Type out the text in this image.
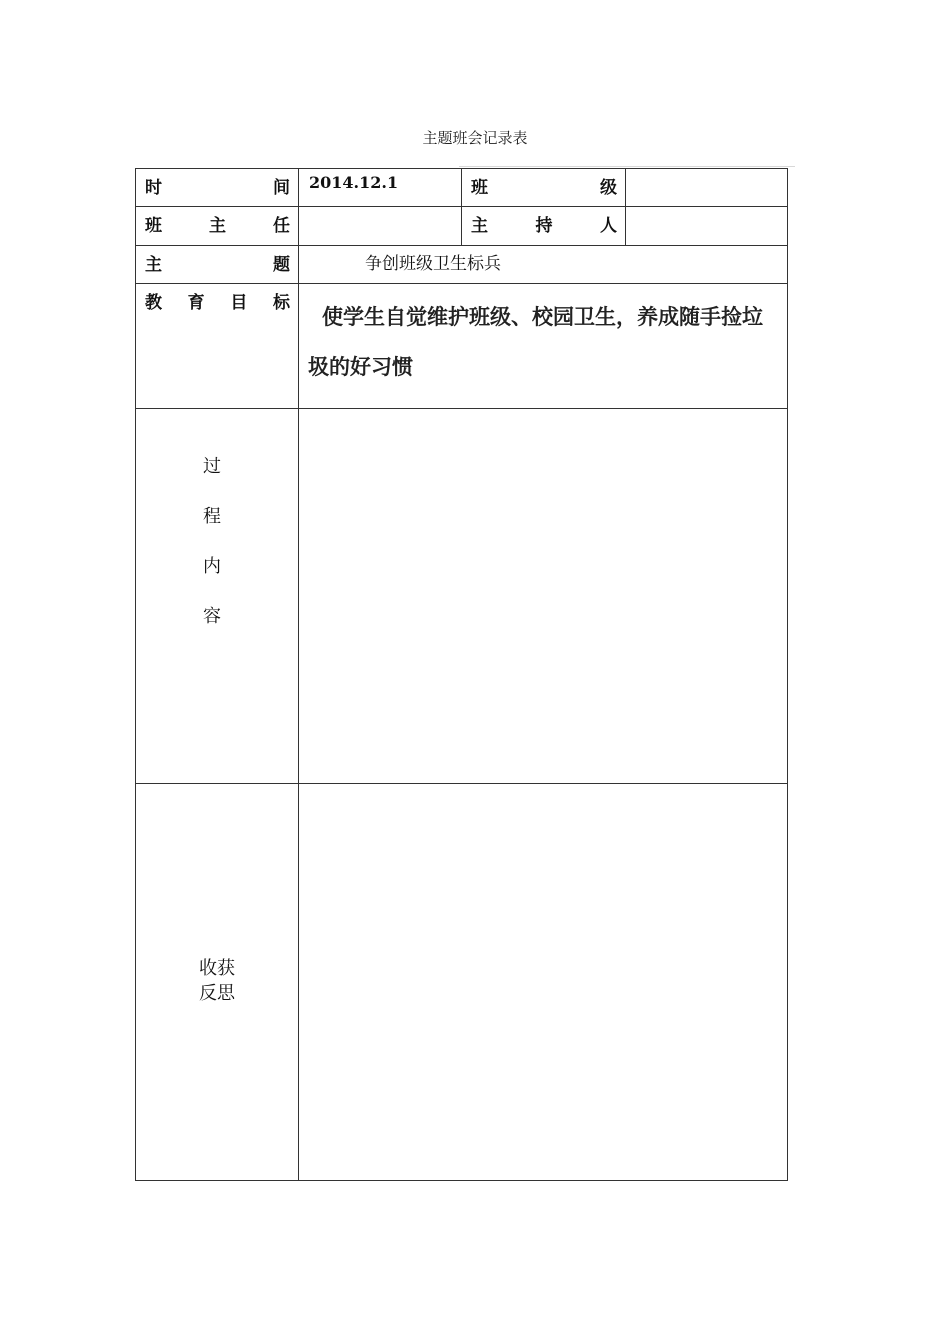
主题班会记录表
时 间	2014.12.1	班 级	

班 主 任		主 持 人	

主 题	争创班级卫生标兵		

教 育 目 标	使学生自觉维护班级、校园卫生，养成随手捡垃圾的好习惯		

过
程
内
容			

收获
反思			
